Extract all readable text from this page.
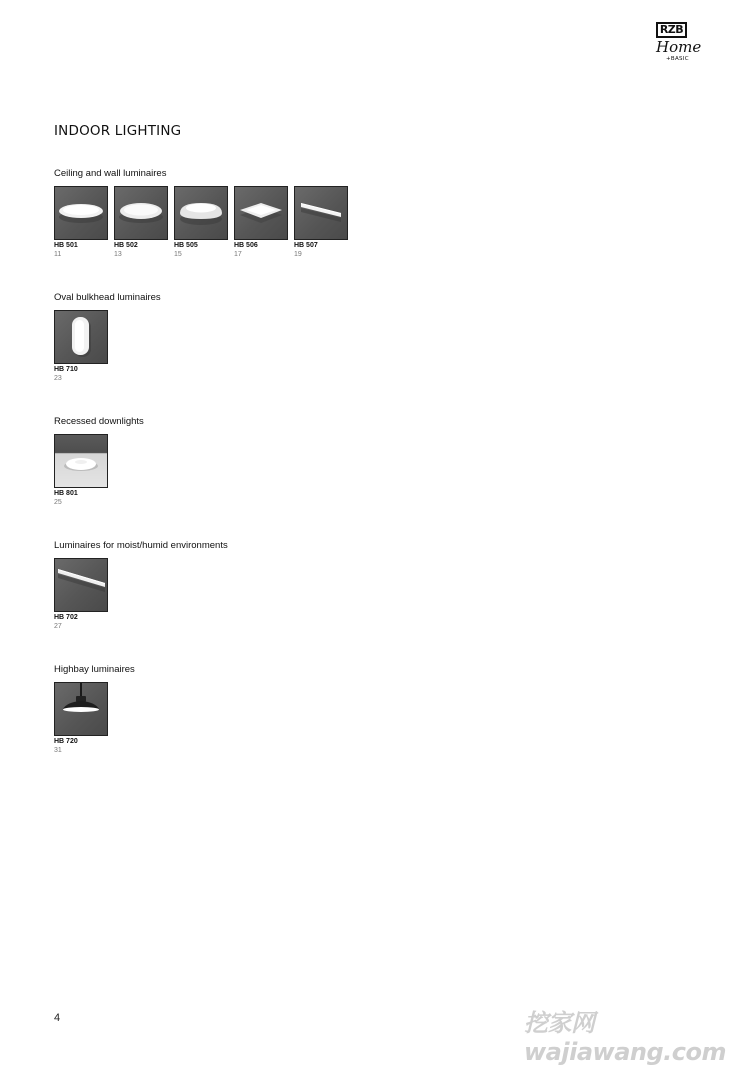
RZB
Home
+BASIC
INDOOR LIGHTING
Ceiling and wall luminaires
HB 501
11
HB 502
13
HB 505
15
HB 506
17
HB 507
19
Oval bulkhead luminaires
HB 710
23
Recessed downlights
HB 801
25
Luminaires for moist/humid environments
HB 702
27
Highbay luminaires
HB 720
31
4	挖家网 wajiawang.com
